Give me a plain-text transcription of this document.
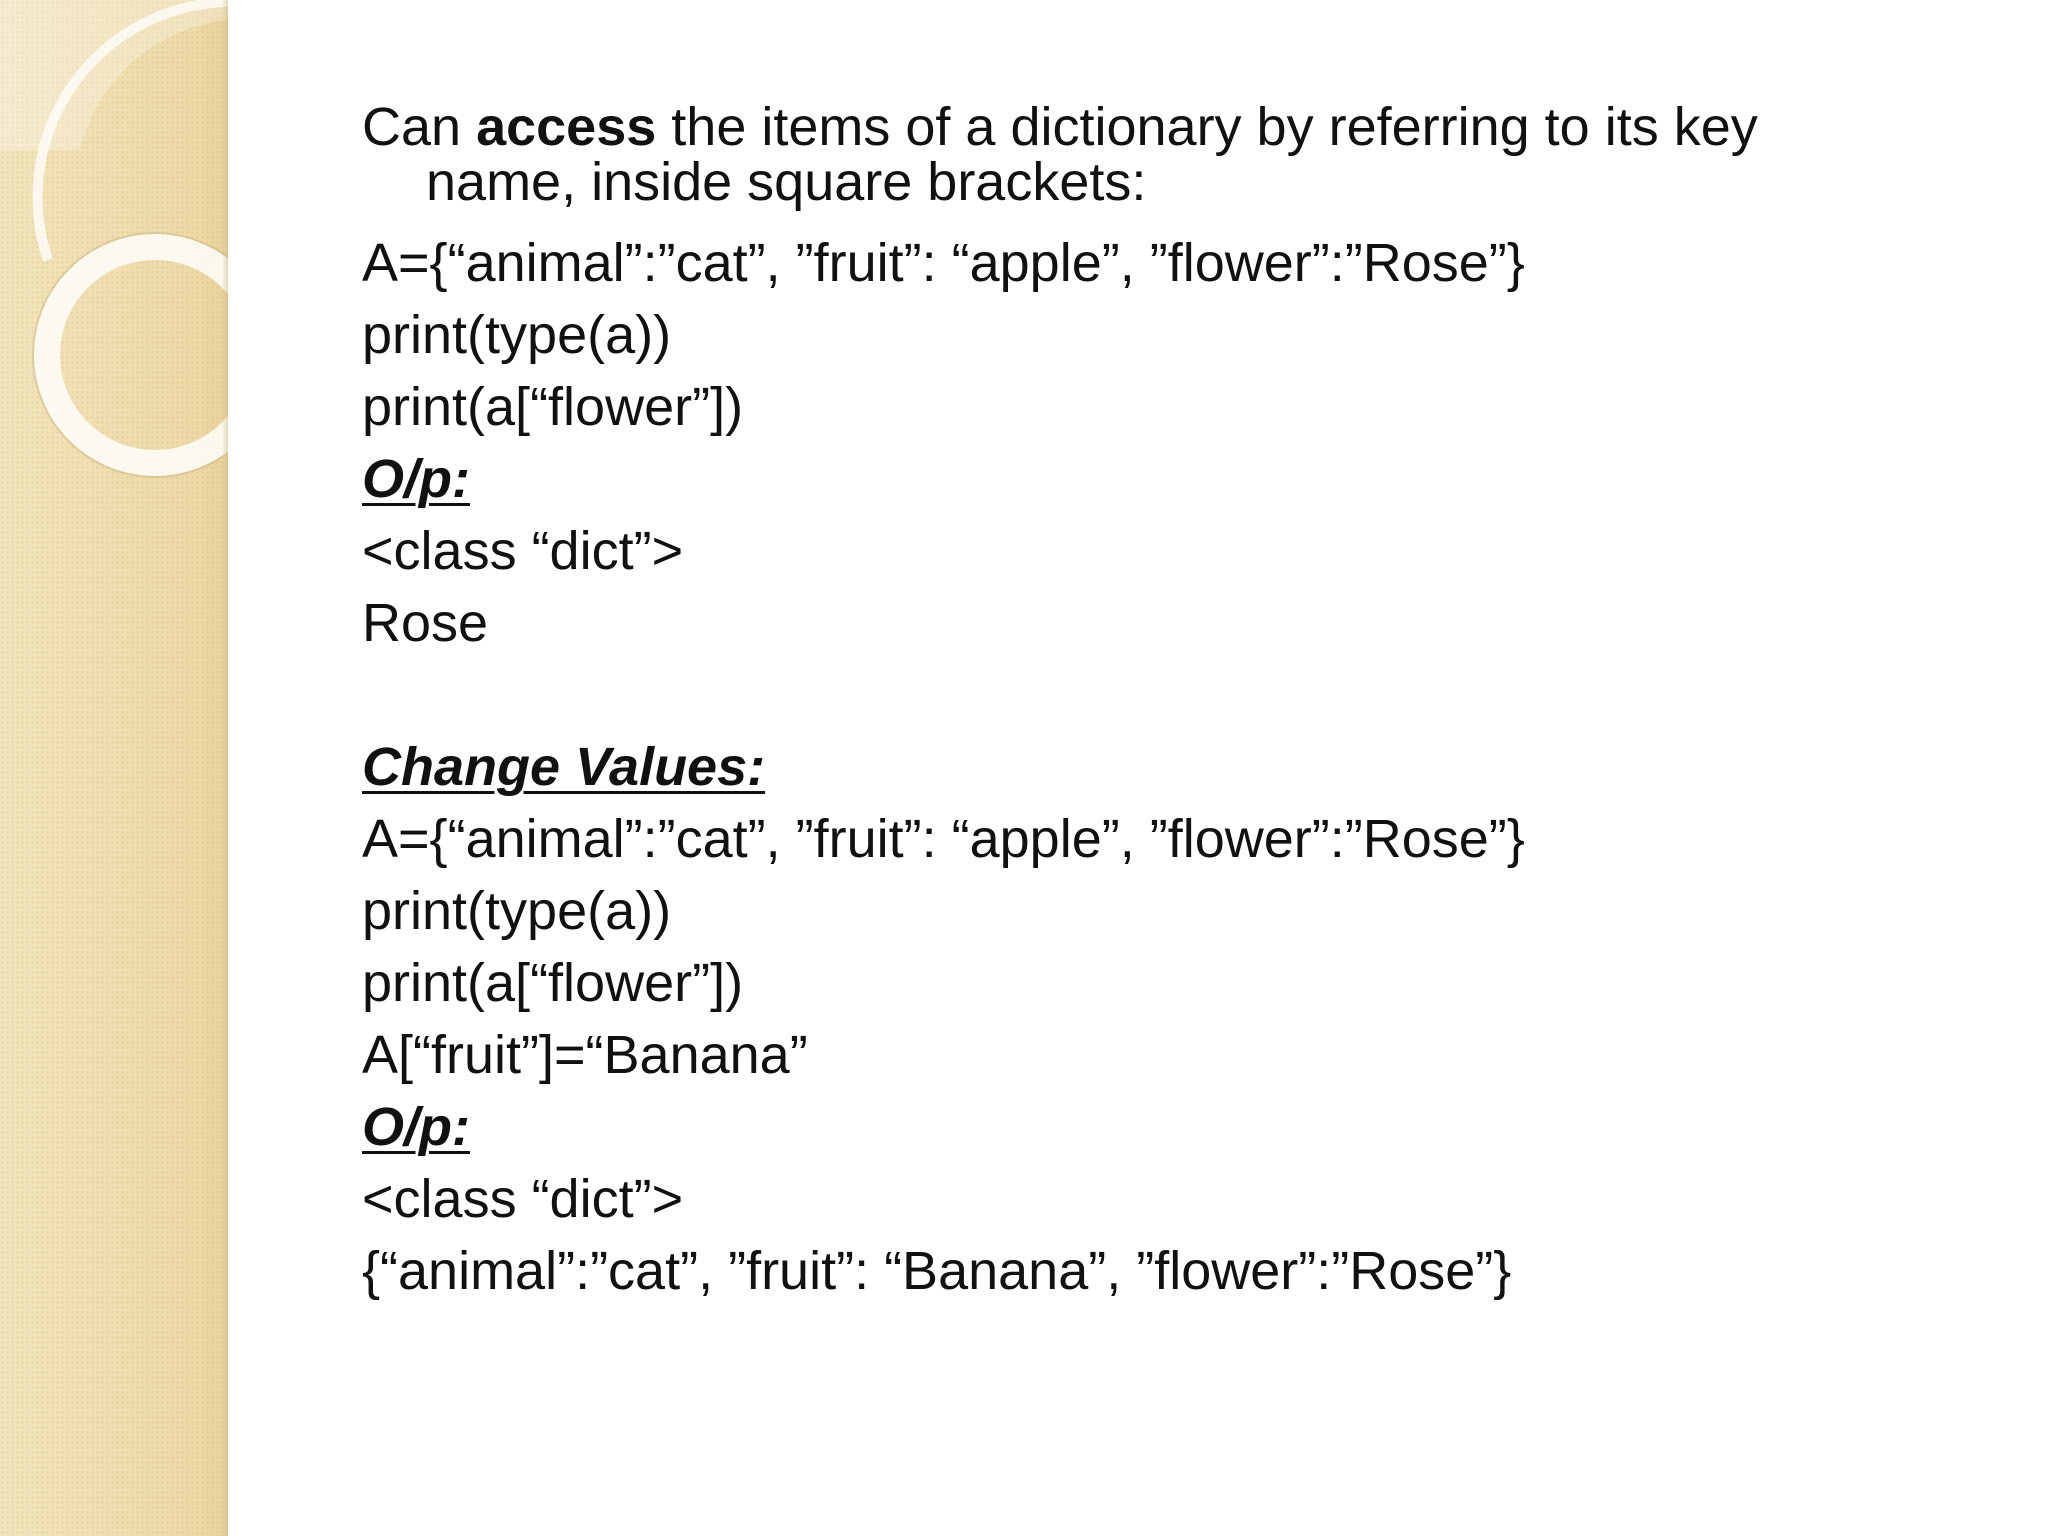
Can access the items of a dictionary by referring to its key
name, inside square brackets:

A={“animal”:”cat”, ”fruit”: “apple”, ”flower”:”Rose”}

print(type(a))

print(a[“flower”])

O/p:

<class “dict”>

Rose

Change Values:

A={“animal”:”cat”, ”fruit”: “apple”, ”flower”:”Rose”}

print(type(a))

print(a[“flower”])

A[“fruit”]=“Banana”

O/p:

<class “dict”>

{“animal”:”cat”, ”fruit”: “Banana”, ”flower”:”Rose”}
